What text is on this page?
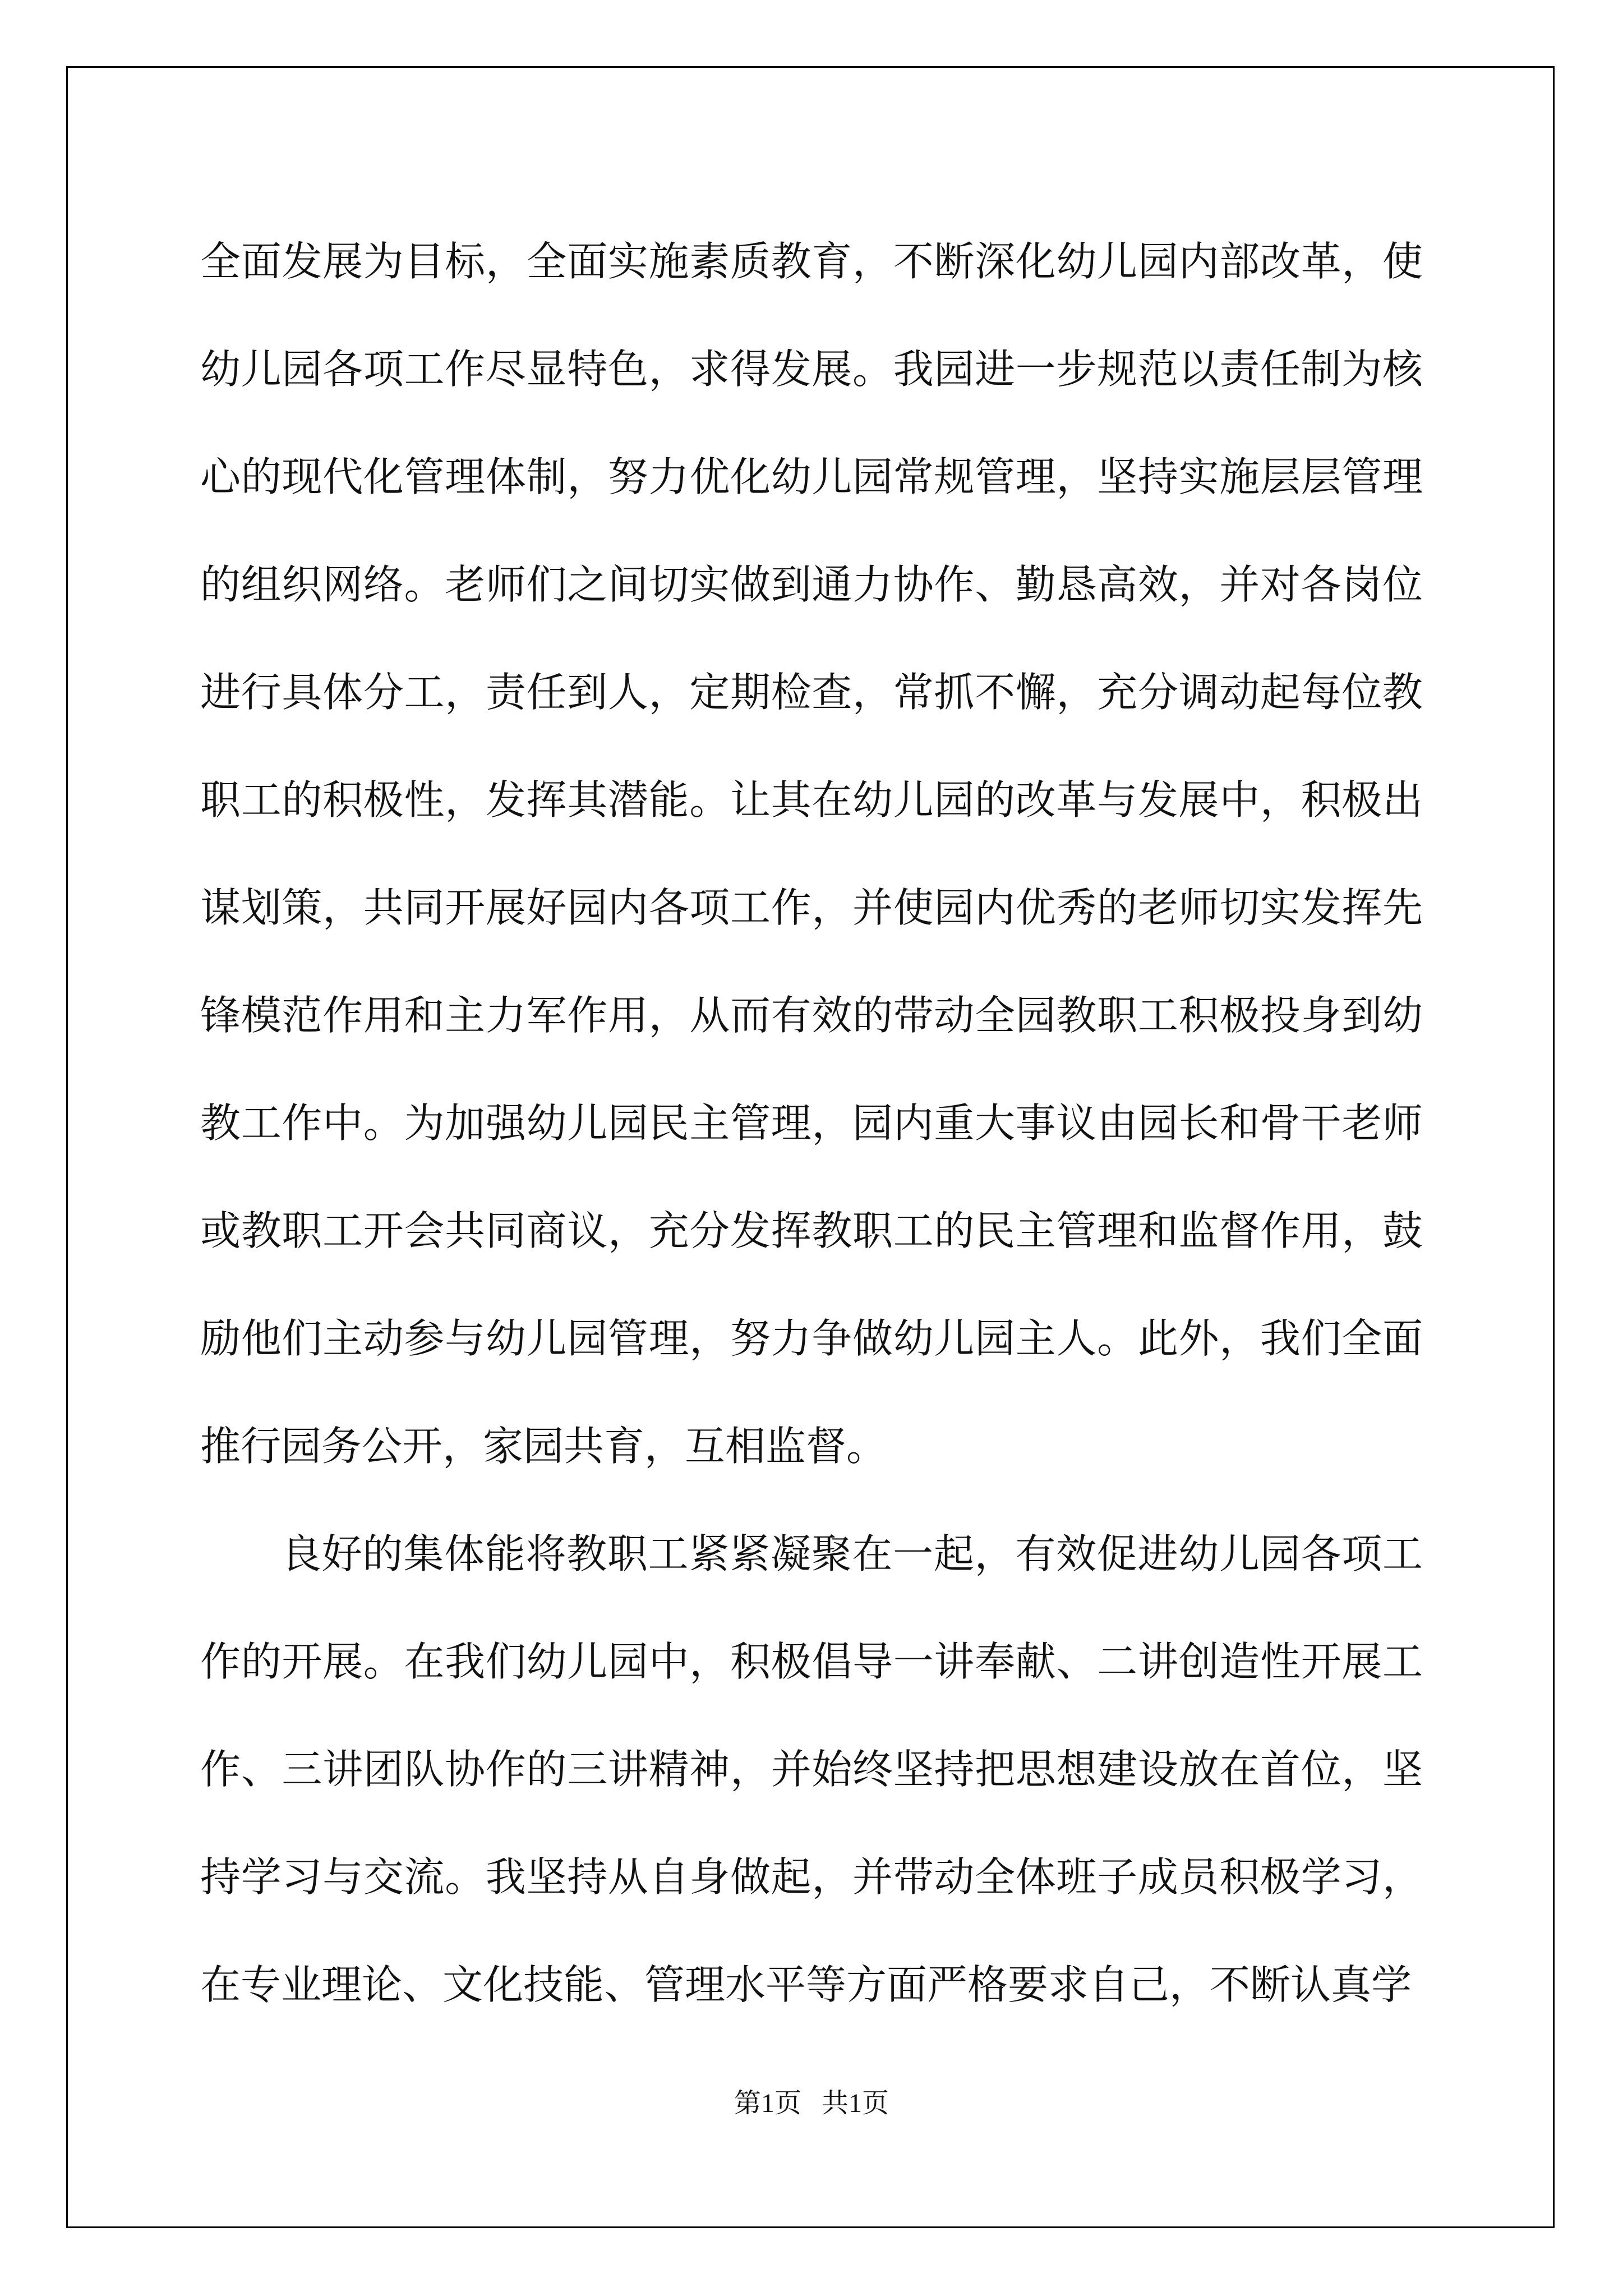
全面发展为目标，全面实施素质教育，不断深化幼儿园内部改革，使幼儿园各项工作尽显特色，求得发展。我园进一步规范以责任制为核心的现代化管理体制，努力优化幼儿园常规管理，坚持实施层层管理的组织网络。老师们之间切实做到通力协作、勤恳高效，并对各岗位进行具体分工，责任到人，定期检查，常抓不懈，充分调动起每位教职工的积极性，发挥其潜能。让其在幼儿园的改革与发展中，积极出谋划策，共同开展好园内各项工作，并使园内优秀的老师切实发挥先锋模范作用和主力军作用，从而有效的带动全园教职工积极投身到幼教工作中。为加强幼儿园民主管理，园内重大事议由园长和骨干老师或教职工开会共同商议，充分发挥教职工的民主管理和监督作用，鼓励他们主动参与幼儿园管理，努力争做幼儿园主人。此外，我们全面推行园务公开，家园共育，互相监督。

良好的集体能将教职工紧紧凝聚在一起，有效促进幼儿园各项工作的开展。在我们幼儿园中，积极倡导一讲奉献、二讲创造性开展工作、三讲团队协作的三讲精神，并始终坚持把思想建设放在首位，坚持学习与交流。我坚持从自身做起，并带动全体班子成员积极学习，在专业理论、文化技能、管理水平等方面严格要求自己，不断认真学

第1页   共1页
